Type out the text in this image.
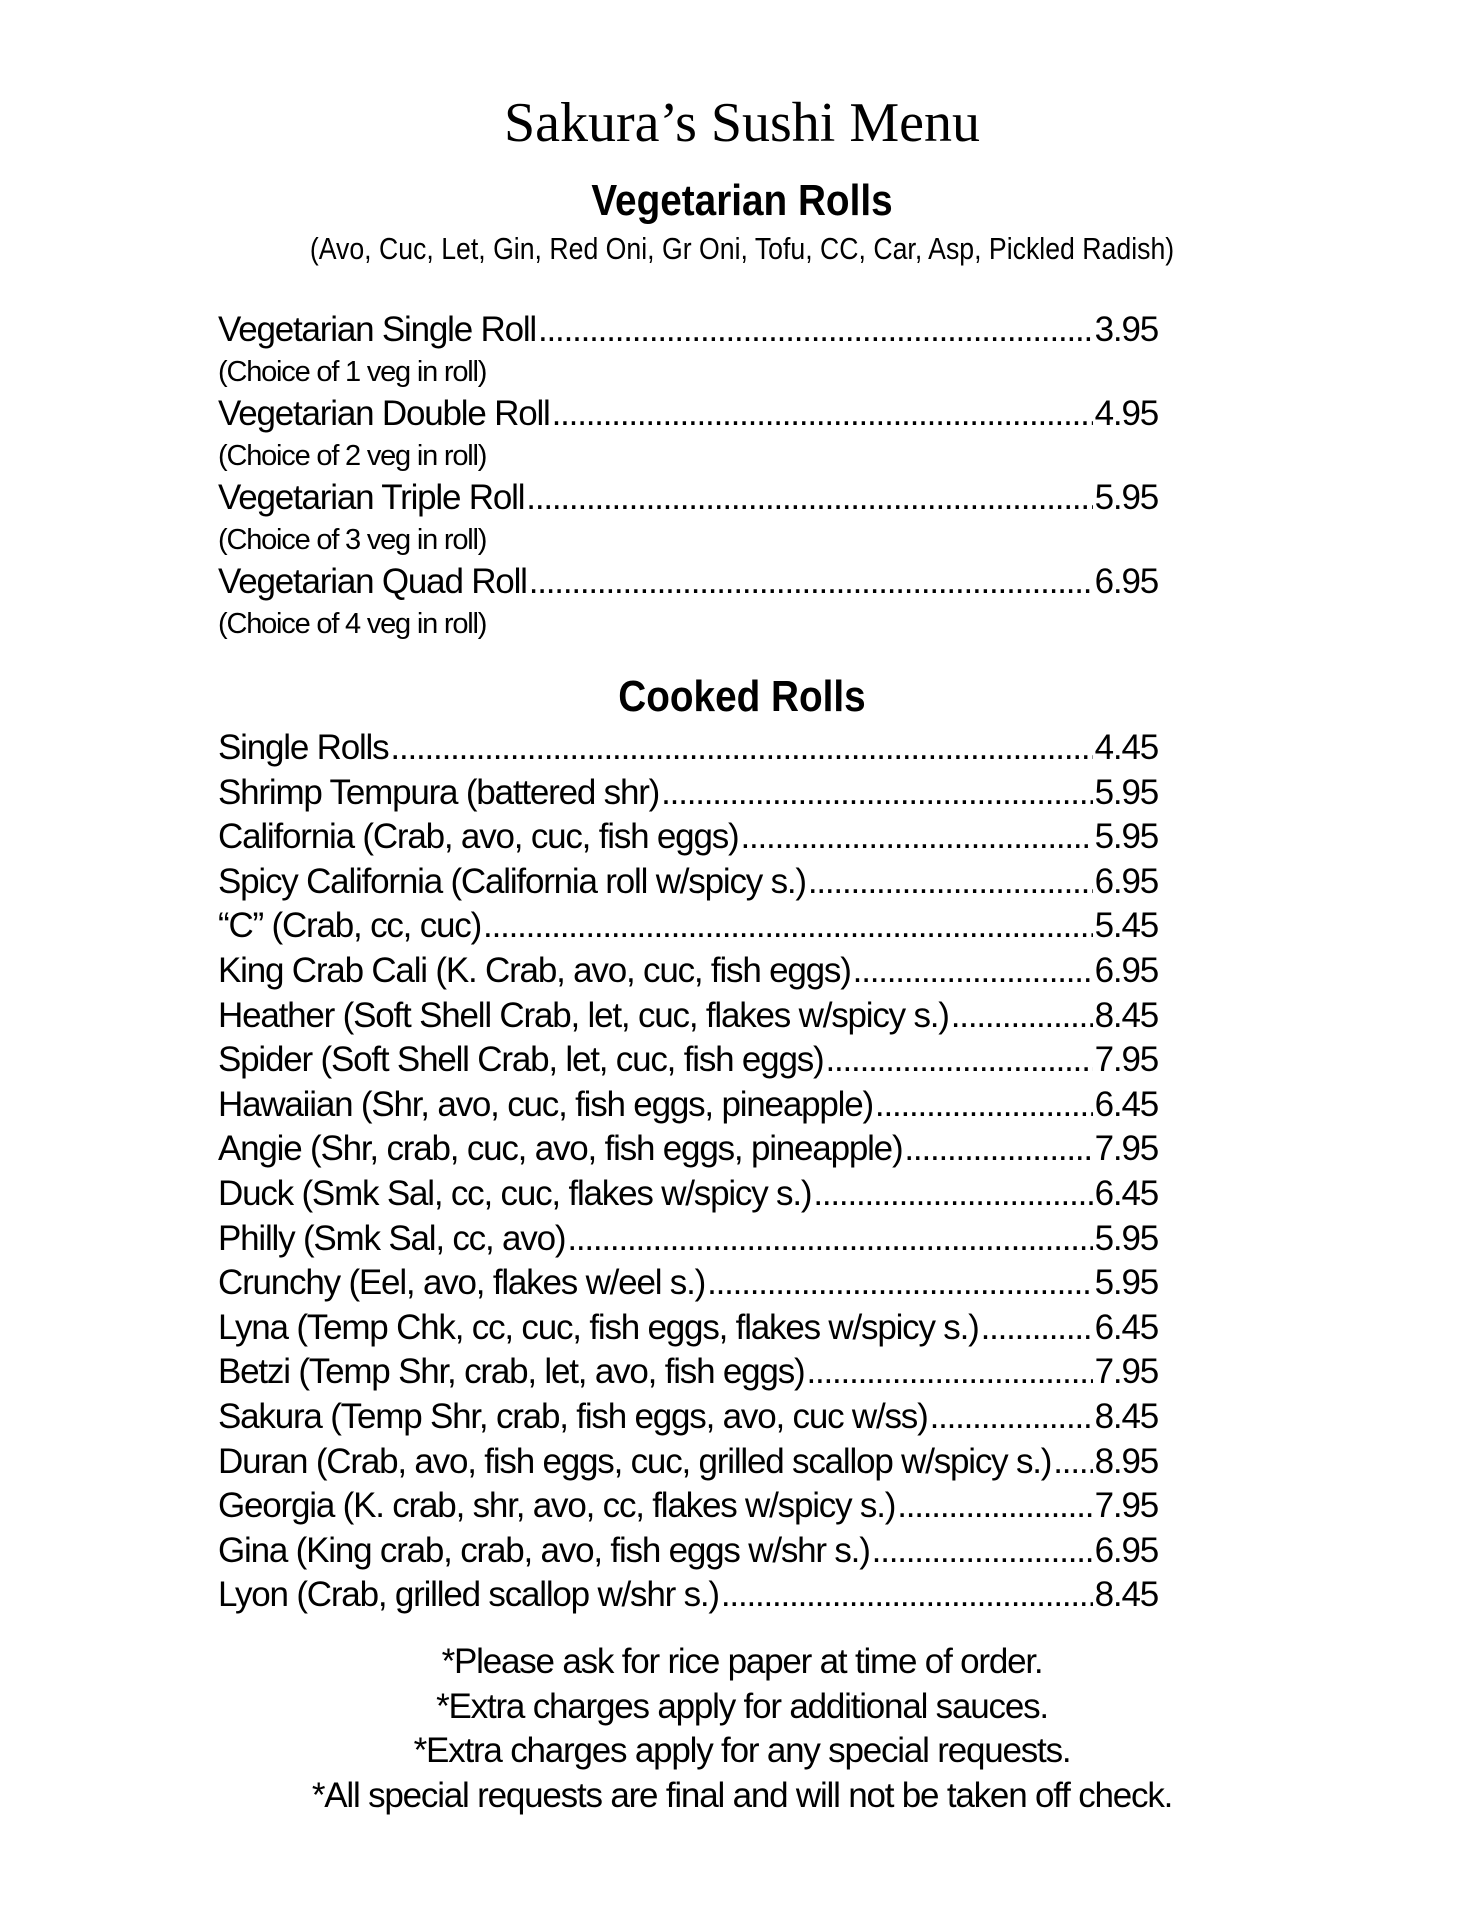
Sakura’s Sushi Menu
Vegetarian Rolls
(Avo, Cuc, Let, Gin, Red Oni, Gr Oni, Tofu, CC, Car, Asp, Pickled Radish)
Vegetarian Single Roll .....	3.95
(Choice of 1 veg in roll)
Vegetarian Double Roll .....	4.95
(Choice of 2 veg in roll)
Vegetarian Triple Roll .....	5.95
(Choice of 3 veg in roll)
Vegetarian Quad Roll .....	6.95
(Choice of 4 veg in roll)
Cooked Rolls
Single Rolls .....	4.45
Shrimp Tempura (battered shr) .....	5.95
California (Crab, avo, cuc, fish eggs) .....	5.95
Spicy California (California roll w/spicy s.) .....	6.95
“C” (Crab, cc, cuc) .....	5.45
King Crab Cali (K. Crab, avo, cuc, fish eggs) .....	6.95
Heather (Soft Shell Crab, let, cuc, flakes w/spicy s.) .....	8.45
Spider (Soft Shell Crab, let, cuc, fish eggs) .....	7.95
Hawaiian (Shr, avo, cuc, fish eggs, pineapple) .....	6.45
Angie (Shr, crab, cuc, avo, fish eggs, pineapple) .....	7.95
Duck (Smk Sal, cc, cuc, flakes w/spicy s.) .....	6.45
Philly (Smk Sal, cc, avo) .....	5.95
Crunchy (Eel, avo, flakes w/eel s.) .....	5.95
Lyna (Temp Chk, cc, cuc, fish eggs, flakes w/spicy s.) .....	6.45
Betzi (Temp Shr, crab, let, avo, fish eggs) .....	7.95
Sakura (Temp Shr, crab, fish eggs, avo, cuc w/ss) .....	8.45
Duran (Crab, avo, fish eggs, cuc, grilled scallop w/spicy s.) ..... 8.95
Georgia (K. crab, shr, avo, cc, flakes w/spicy s.) .....	7.95
Gina (King crab, crab, avo, fish eggs w/shr s.) .....	6.95
Lyon (Crab, grilled scallop w/shr s.) .....	8.45
*Please ask for rice paper at time of order.
*Extra charges apply for additional sauces.
*Extra charges apply for any special requests.
*All special requests are final and will not be taken off check.
